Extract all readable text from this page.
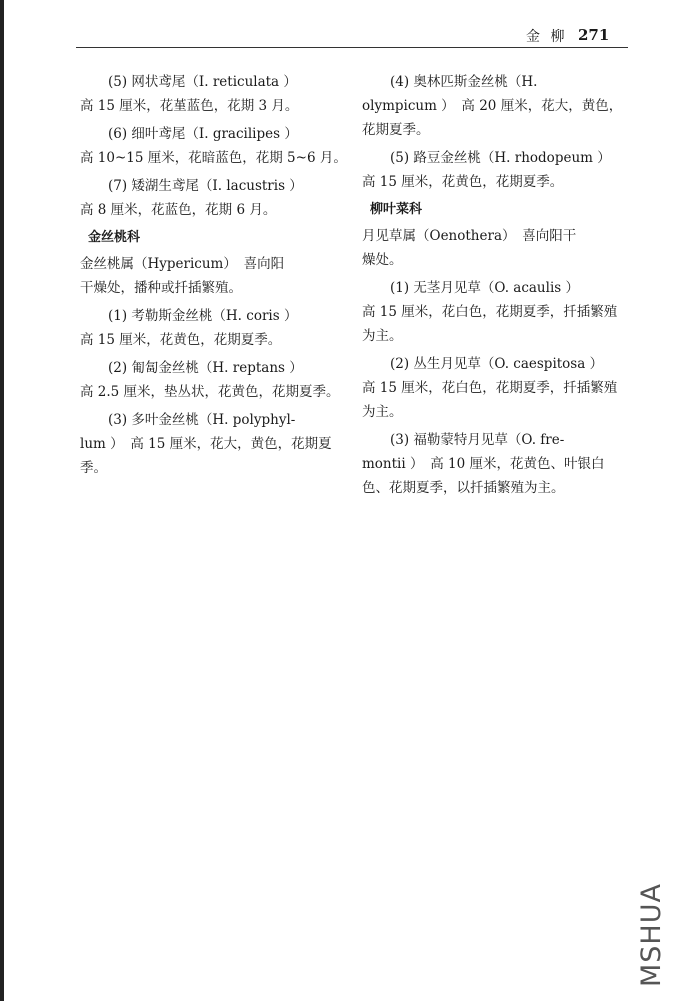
金 柳 271
(5) 网状鸢尾（I. reticulata ）
高 15 厘米，花堇蓝色，花期 3 月。
(6) 细叶鸢尾（I. gracilipes ）
高 10~15 厘米，花暗蓝色，花期 5~6 月。
(7) 矮湖生鸢尾（I. lacustris ）
高 8 厘米，花蓝色，花期 6 月。
金丝桃科
金丝桃属（Hypericum）　喜向阳
干燥处，播种或扦插繁殖。
(1) 考勒斯金丝桃（H. coris ）
高 15 厘米，花黄色，花期夏季。
(2) 匍匐金丝桃（H. reptans ）
高 2.5 厘米，垫丛状，花黄色，花期夏季。
(3) 多叶金丝桃（H. polyphyl-
lum ）　高 15 厘米，花大，黄色，花期夏季。
(4) 奥林匹斯金丝桃（H.
olympicum ）　高 20 厘米，花大，黄色，花期夏季。
(5) 路豆金丝桃（H. rhodopeum ）
高 15 厘米，花黄色，花期夏季。
柳叶菜科
月见草属（Oenothera）　喜向阳干
燥处。
(1) 无茎月见草（O. acaulis ）
高 15 厘米，花白色，花期夏季，扦插繁殖为主。
(2) 丛生月见草（O. caespitosa ）
高 15 厘米，花白色，花期夏季，扦插繁殖为主。
(3) 福勒蒙特月见草（O. fre-
montii ）　高 10 厘米，花黄色、叶银白色、花期夏季，以扦插繁殖为主。
MSHUA
